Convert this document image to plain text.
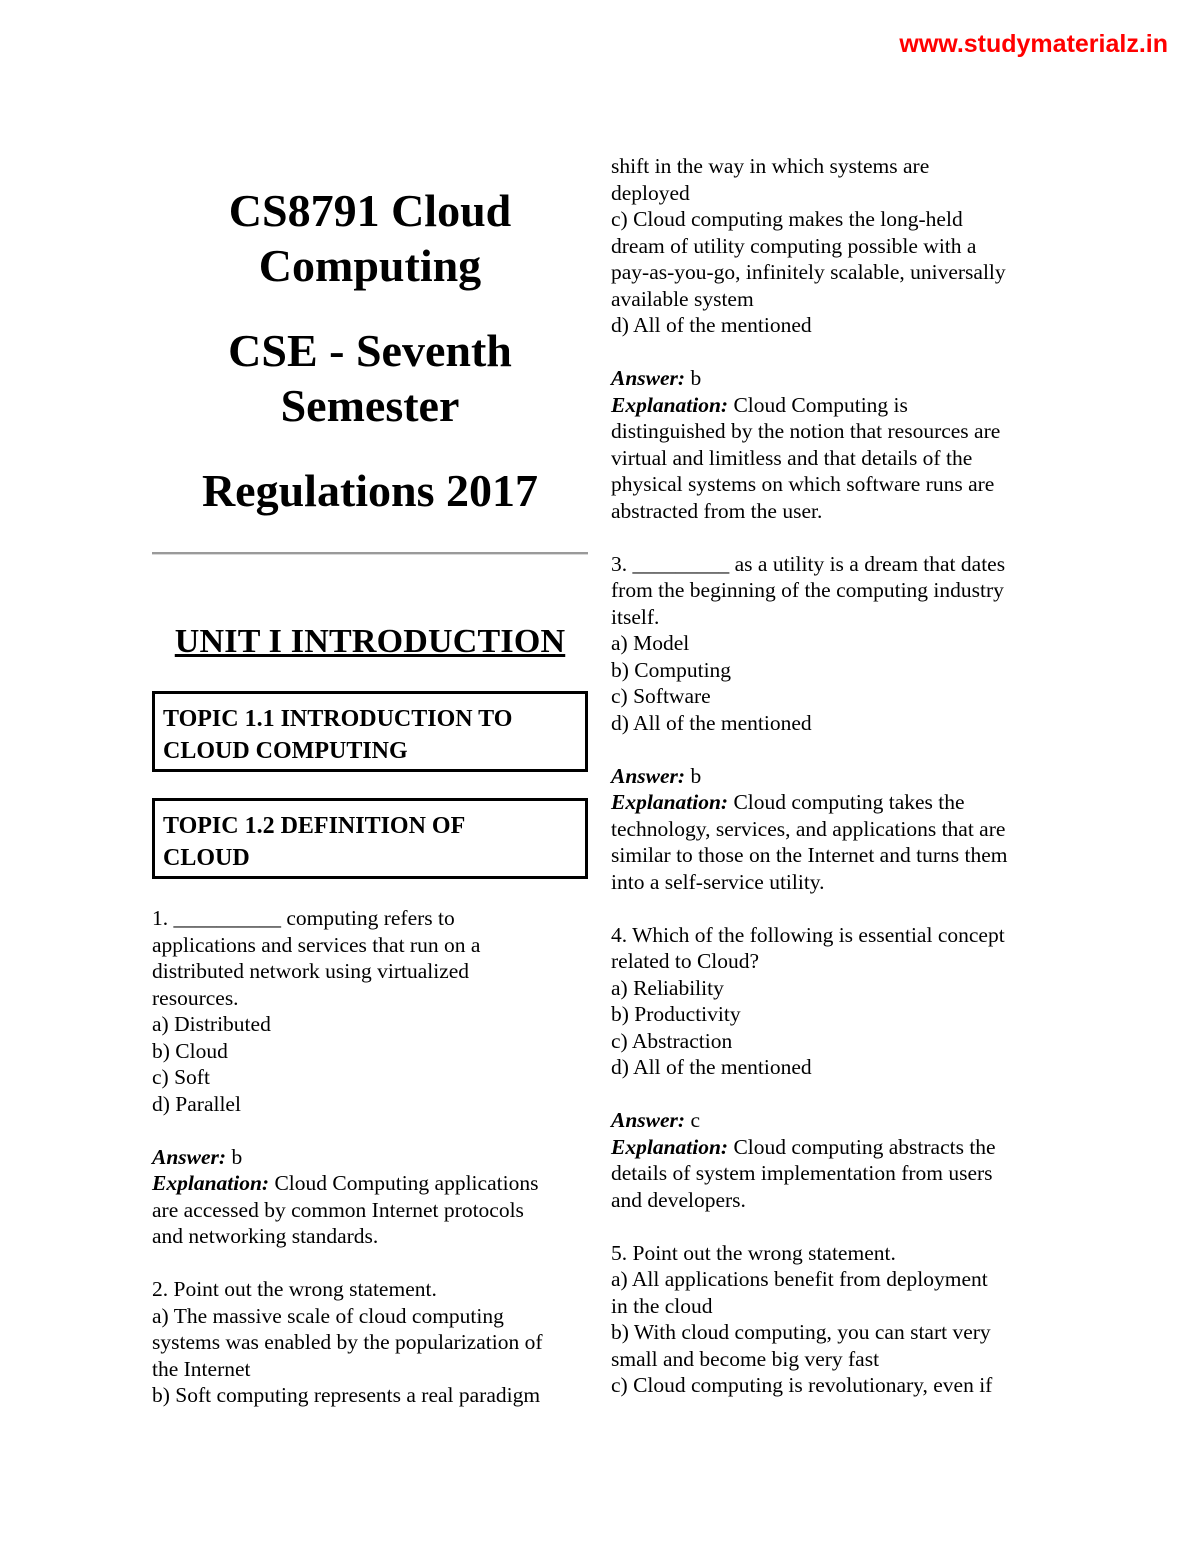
www.studymaterialz.in
CS8791 Cloud
Computing
CSE - Seventh
Semester
Regulations 2017
UNIT I INTRODUCTION
TOPIC 1.1 INTRODUCTION TO
CLOUD COMPUTING
TOPIC 1.2 DEFINITION OF
CLOUD
1. __________ computing refers to
applications and services that run on a
distributed network using virtualized
resources.
a) Distributed
b) Cloud
c) Soft
d) Parallel
Answer: b
Explanation: Cloud Computing applications
are accessed by common Internet protocols
and networking standards.
2. Point out the wrong statement.
a) The massive scale of cloud computing
systems was enabled by the popularization of
the Internet
b) Soft computing represents a real paradigm
shift in the way in which systems are
deployed
c) Cloud computing makes the long-held
dream of utility computing possible with a
pay-as-you-go, infinitely scalable, universally
available system
d) All of the mentioned
Answer: b
Explanation: Cloud Computing is
distinguished by the notion that resources are
virtual and limitless and that details of the
physical systems on which software runs are
abstracted from the user.
3. _________ as a utility is a dream that dates
from the beginning of the computing industry
itself.
a) Model
b) Computing
c) Software
d) All of the mentioned
Answer: b
Explanation: Cloud computing takes the
technology, services, and applications that are
similar to those on the Internet and turns them
into a self-service utility.
4. Which of the following is essential concept
related to Cloud?
a) Reliability
b) Productivity
c) Abstraction
d) All of the mentioned
Answer: c
Explanation: Cloud computing abstracts the
details of system implementation from users
and developers.
5. Point out the wrong statement.
a) All applications benefit from deployment
in the cloud
b) With cloud computing, you can start very
small and become big very fast
c) Cloud computing is revolutionary, even if
